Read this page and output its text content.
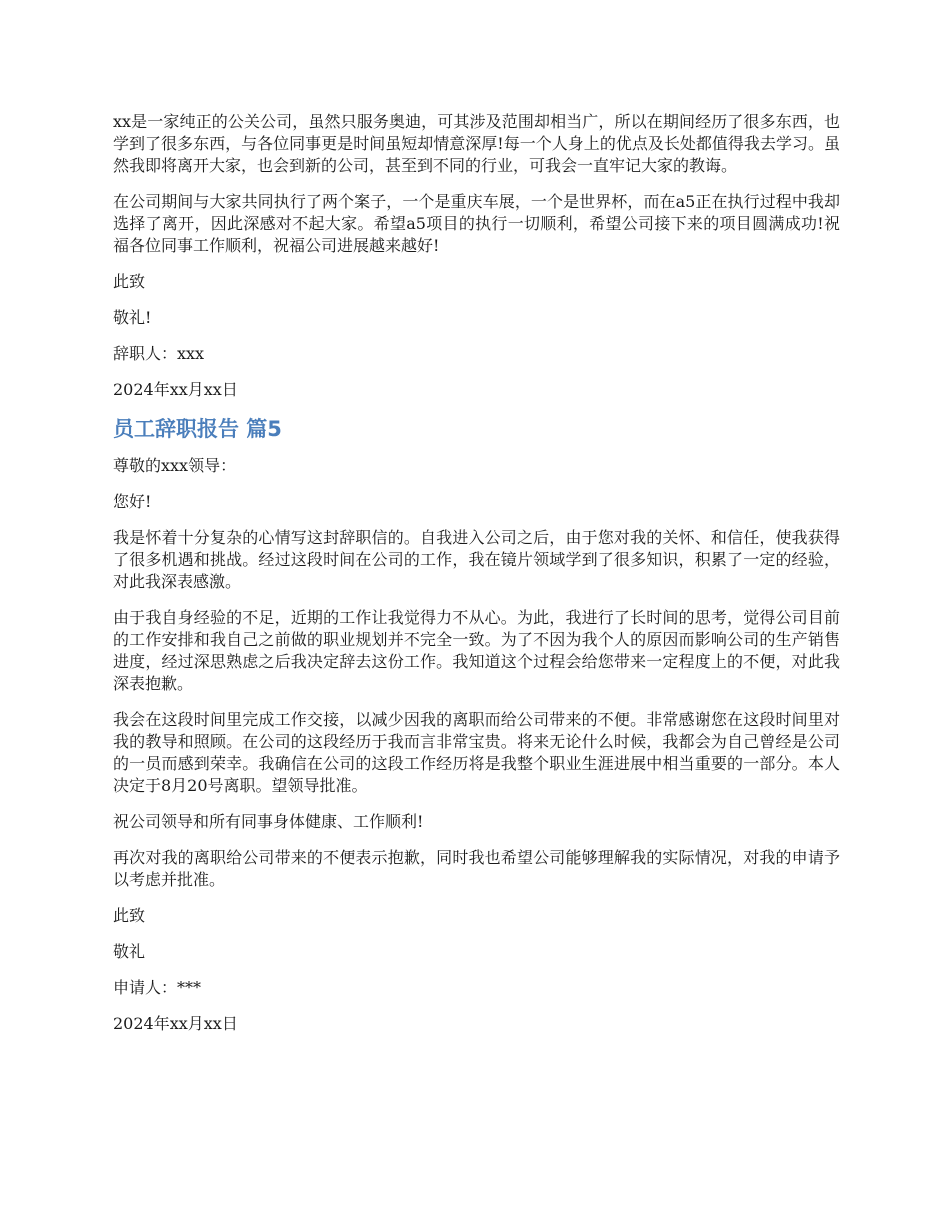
xx是一家纯正的公关公司，虽然只服务奥迪，可其涉及范围却相当广，所以在期间经历了很多东西，也学到了很多东西，与各位同事更是时间虽短却情意深厚!每一个人身上的优点及长处都值得我去学习。虽然我即将离开大家，也会到新的公司，甚至到不同的行业，可我会一直牢记大家的教诲。

在公司期间与大家共同执行了两个案子，一个是重庆车展，一个是世界杯，而在a5正在执行过程中我却选择了离开，因此深感对不起大家。希望a5项目的执行一切顺利，希望公司接下来的项目圆满成功!祝福各位同事工作顺利，祝福公司进展越来越好!

此致

敬礼!

辞职人：xxx

2024年xx月xx日

员工辞职报告 篇5

尊敬的xxx领导：

您好!

我是怀着十分复杂的心情写这封辞职信的。自我进入公司之后，由于您对我的关怀、和信任，使我获得了很多机遇和挑战。经过这段时间在公司的工作，我在镜片领域学到了很多知识，积累了一定的经验，对此我深表感激。

由于我自身经验的不足，近期的工作让我觉得力不从心。为此，我进行了长时间的思考，觉得公司目前的工作安排和我自己之前做的职业规划并不完全一致。为了不因为我个人的原因而影响公司的生产销售进度，经过深思熟虑之后我决定辞去这份工作。我知道这个过程会给您带来一定程度上的不便，对此我深表抱歉。

我会在这段时间里完成工作交接，以减少因我的离职而给公司带来的不便。非常感谢您在这段时间里对我的教导和照顾。在公司的这段经历于我而言非常宝贵。将来无论什么时候，我都会为自己曾经是公司的一员而感到荣幸。我确信在公司的这段工作经历将是我整个职业生涯进展中相当重要的一部分。本人决定于8月20号离职。望领导批准。

祝公司领导和所有同事身体健康、工作顺利!

再次对我的离职给公司带来的不便表示抱歉，同时我也希望公司能够理解我的实际情况，对我的申请予以考虑并批准。

此致

敬礼

申请人：***

2024年xx月xx日
